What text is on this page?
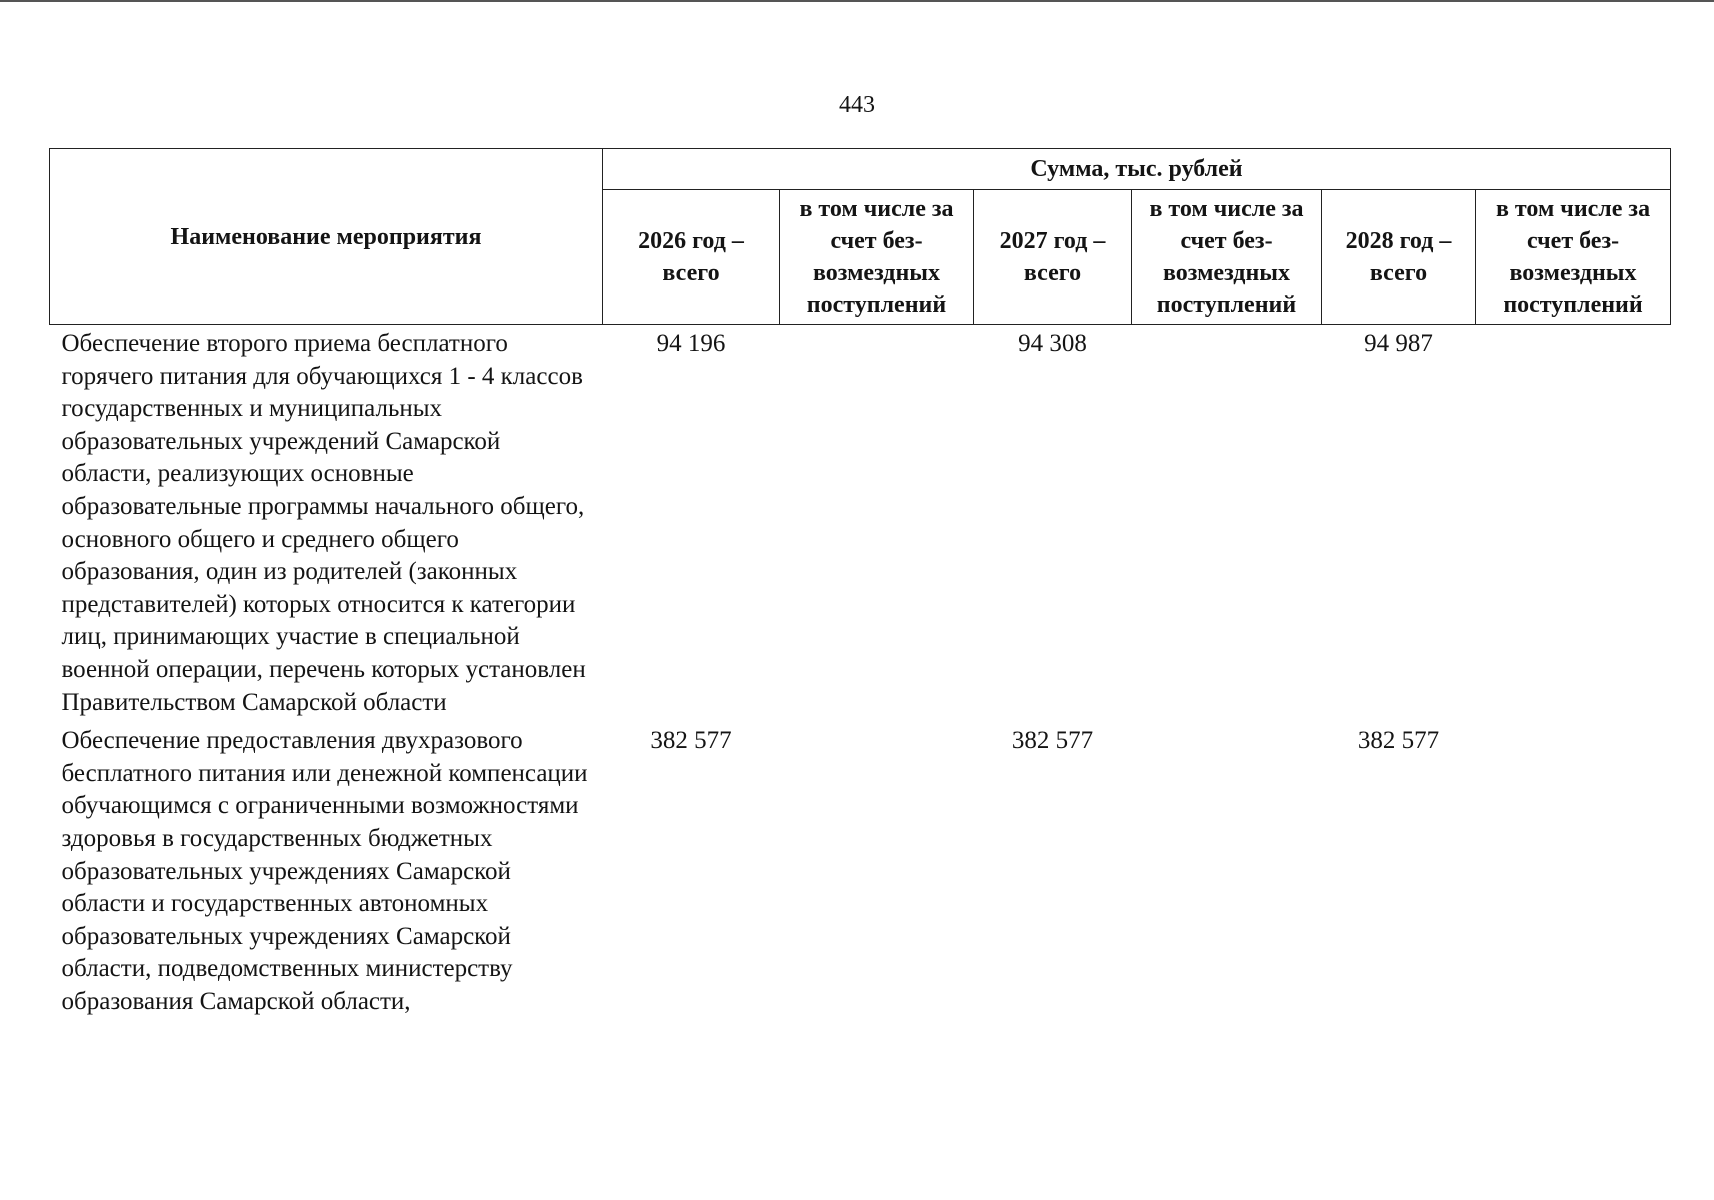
443
Наименование мероприятия	Сумма, тыс. рублей					
	2026 год – всего	в том числе за счет без-возмездных поступлений	2027 год – всего	в том числе за счет без-возмездных поступлений	2028 год – всего	в том числе за счет без-возмездных поступлений
Обеспечение второго приема бесплатного горячего питания для обучающихся 1 - 4 классов государственных и муниципальных образовательных учреждений Самарской области, реализующих основные образовательные программы начального общего, основного общего и среднего общего образования, один из родителей (законных представителей) которых относится к категории лиц, принимающих участие в специальной военной операции, перечень которых установлен Правительством Самарской области	94 196		94 308		94 987	
Обеспечение предоставления двухразового бесплатного питания или денежной компенсации обучающимся с ограниченными возможностями здоровья в государственных бюджетных образовательных учреждениях Самарской области и государственных автономных образовательных учреждениях Самарской области, подведомственных министерству образования Самарской области,	382 577		382 577		382 577	
